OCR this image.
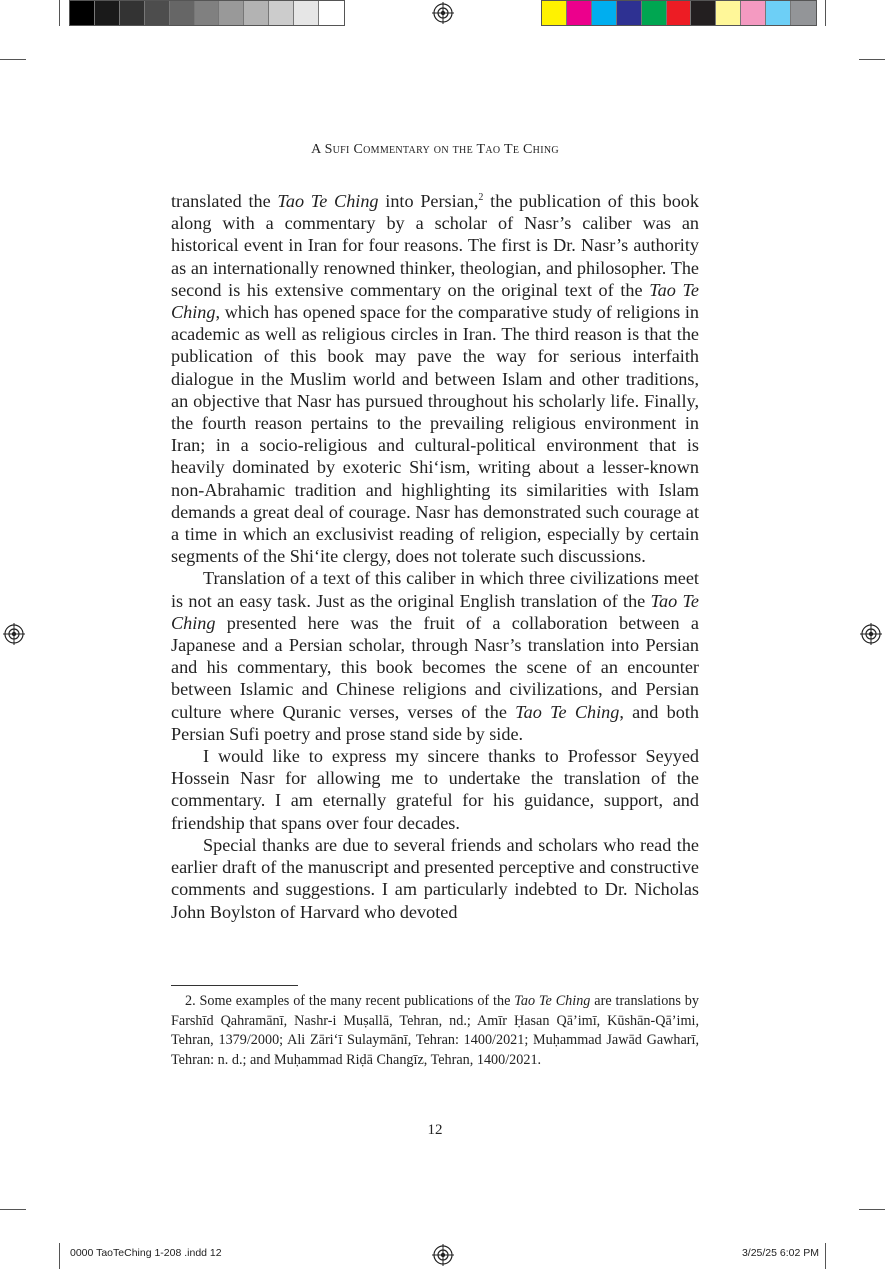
A Sufi Commentary on the Tao Te Ching

translated the Tao Te Ching into Persian,$^2$ the publication of this book along with a commentary by a scholar of Nasr’s caliber was an historical event in Iran for four reasons. The first is Dr. Nasr’s authority as an internationally renowned thinker, theologian, and philosopher. The second is his extensive commentary on the original text of the Tao Te Ching, which has opened space for the comparative study of religions in academic as well as religious circles in Iran. The third reason is that the publication of this book may pave the way for serious interfaith dialogue in the Muslim world and between Islam and other traditions, an objective that Nasr has pursued throughout his scholarly life. Finally, the fourth reason pertains to the prevailing religious environment in Iran; in a socio-religious and cultural-political environment that is heavily dominated by exoteric Shi‘ism, writing about a lesser-known non-Abrahamic tradition and highlighting its similarities with Islam demands a great deal of courage. Nasr has demonstrated such courage at a time in which an exclusivist reading of religion, especially by certain segments of the Shi‘ite clergy, does not tolerate such discussions.

Translation of a text of this caliber in which three civilizations meet is not an easy task. Just as the original English translation of the Tao Te Ching presented here was the fruit of a collaboration between a Japanese and a Persian scholar, through Nasr’s translation into Persian and his commentary, this book becomes the scene of an encounter between Islamic and Chinese religions and civilizations, and Persian culture where Quranic verses, verses of the Tao Te Ching, and both Persian Sufi poetry and prose stand side by side.

I would like to express my sincere thanks to Professor Seyyed Hossein Nasr for allowing me to undertake the translation of the commentary. I am eternally grateful for his guidance, support, and friendship that spans over four decades.

Special thanks are due to several friends and scholars who read the earlier draft of the manuscript and presented perceptive and constructive comments and suggestions. I am particularly indebted to Dr. Nicholas John Boylston of Harvard who devoted

2. Some examples of the many recent publications of the Tao Te Ching are translations by Farshīd Qahramānī, Nashr-i Muṣallā, Tehran, nd.; Amīr Ḥasan Qā’imī, Kūshān-Qā’imi, Tehran, 1379/2000; Ali Zāri‘ī Sulaymānī, Tehran: 1400/2021; Muḥammad Jawād Gawharī, Tehran: n. d.; and Muḥammad Riḍā Changīz, Tehran, 1400/2021.

12
0000 TaoTeChing 1-208 .indd 12	3/25/25 6:02 PM
